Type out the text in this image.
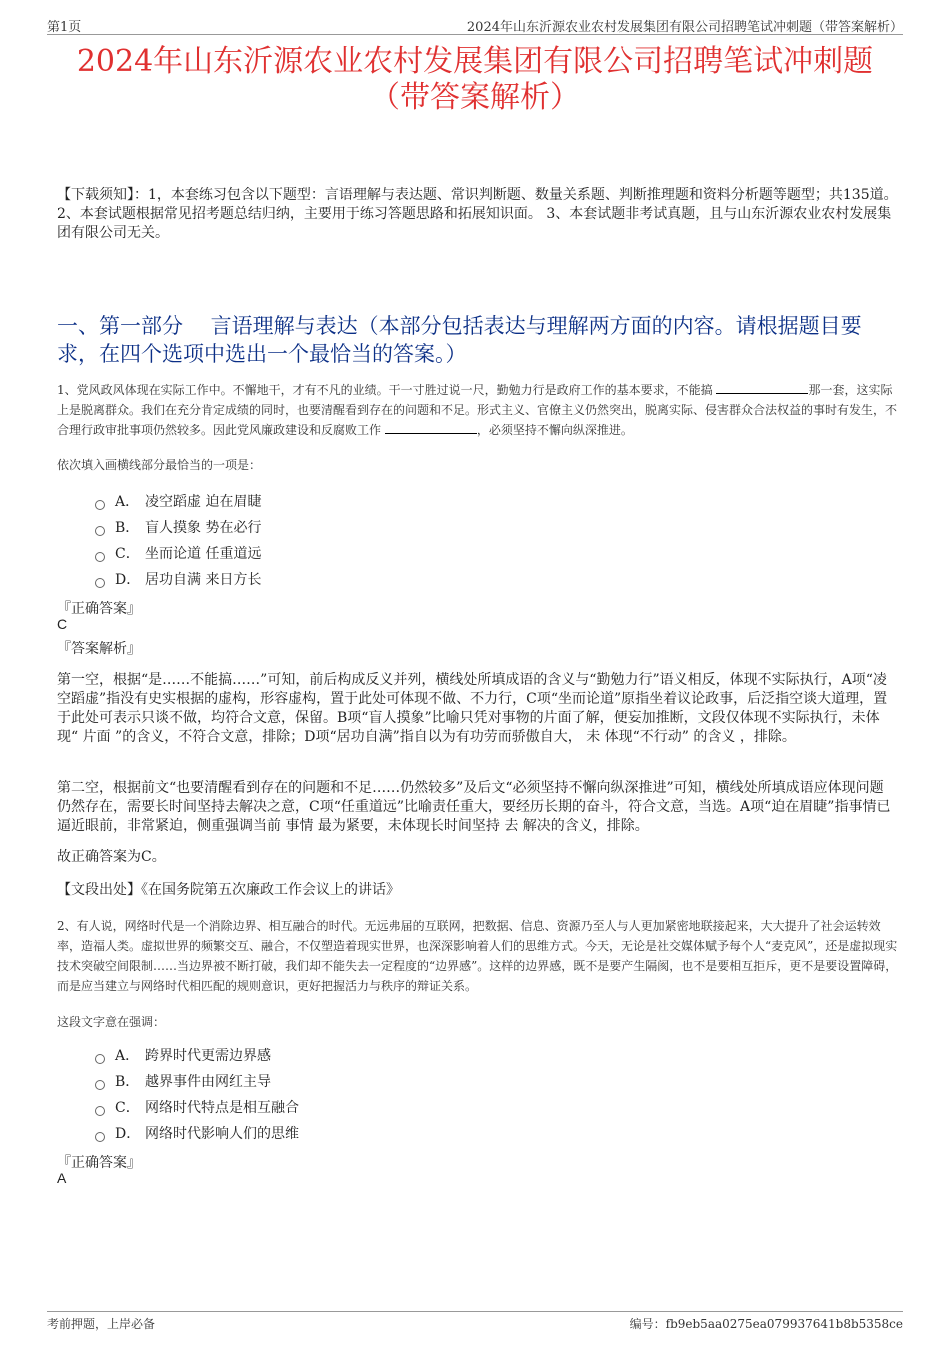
第1页	2024年山东沂源农业农村发展集团有限公司招聘笔试冲刺题（带答案解析）
2024年山东沂源农业农村发展集团有限公司招聘笔试冲刺题
（带答案解析）
【下载须知】：1，本套练习包含以下题型：言语理解与表达题、常识判断题、数量关系题、判断推理题和资料分析题等题型；共135道。 2、本套试题根据常见招考题总结归纳，主要用于练习答题思路和拓展知识面。 3、本套试题非考试真题，且与山东沂源农业农村发展集团有限公司无关。
一、第一部分　 言语理解与表达（本部分包括表达与理解两方面的内容。请根据题目要求，在四个选项中选出一个最恰当的答案。）
1、党风政风体现在实际工作中。不懈地干，才有不凡的业绩。干一寸胜过说一尺，勤勉力行是政府工作的基本要求，不能搞	那一套，这实际上是脱离群众。我们在充分肯定成绩的同时，也要清醒看到存在的问题和不足。形式主义、官僚主义仍然突出，脱离实际、侵害群众合法权益的事时有发生，不合理行政审批事项仍然较多。因此党风廉政建设和反腐败工作	，必须坚持不懈向纵深推进。
依次填入画横线部分最恰当的一项是：
A． 凌空蹈虚 迫在眉睫
B． 盲人摸象 势在必行
C． 坐而论道 任重道远
D． 居功自满 来日方长
『正确答案』
C
『答案解析』
第一空，根据“是……不能搞……”可知，前后构成反义并列，横线处所填成语的含义与“勤勉力行”语义相反，体现不实际执行，A项“凌空蹈虚”指没有史实根据的虚构，形容虚构，置于此处可体现不做、不力行，C项“坐而论道”原指坐着议论政事，后泛指空谈大道理，置于此处可表示只谈不做，均符合文意，保留。B项“盲人摸象”比喻只凭对事物的片面了解，便妄加推断，文段仅体现不实际执行，未体现“ 片面 ”的含义，不符合文意，排除；D项“居功自满”指自以为有功劳而骄傲自大， 未 体现“不行动” 的含义 ，排除。
第二空，根据前文“也要清醒看到存在的问题和不足……仍然较多”及后文“必须坚持不懈向纵深推进”可知，横线处所填成语应体现问题仍然存在，需要长时间坚持去解决之意，C项“任重道远”比喻责任重大，要经历长期的奋斗，符合文意，当选。A项“迫在眉睫”指事情已逼近眼前，非常紧迫，侧重强调当前 事情 最为紧要，未体现长时间坚持 去 解决的含义，排除。
故正确答案为C。
【文段出处】《在国务院第五次廉政工作会议上的讲话》
2、有人说，网络时代是一个消除边界、相互融合的时代。无远弗届的互联网，把数据、信息、资源乃至人与人更加紧密地联接起来，大大提升了社会运转效率，造福人类。虚拟世界的频繁交互、融合，不仅塑造着现实世界，也深深影响着人们的思维方式。今天，无论是社交媒体赋予每个人“麦克风”，还是虚拟现实技术突破空间限制……当边界被不断打破，我们却不能失去一定程度的“边界感”。这样的边界感，既不是要产生隔阂，也不是要相互拒斥，更不是要设置障碍，而是应当建立与网络时代相匹配的规则意识，更好把握活力与秩序的辩证关系。
这段文字意在强调：
A． 跨界时代更需边界感
B． 越界事件由网红主导
C． 网络时代特点是相互融合
D． 网络时代影响人们的思维
『正确答案』
A
考前押题，上岸必备	编号：fb9eb5aa0275ea079937641b8b5358ce
